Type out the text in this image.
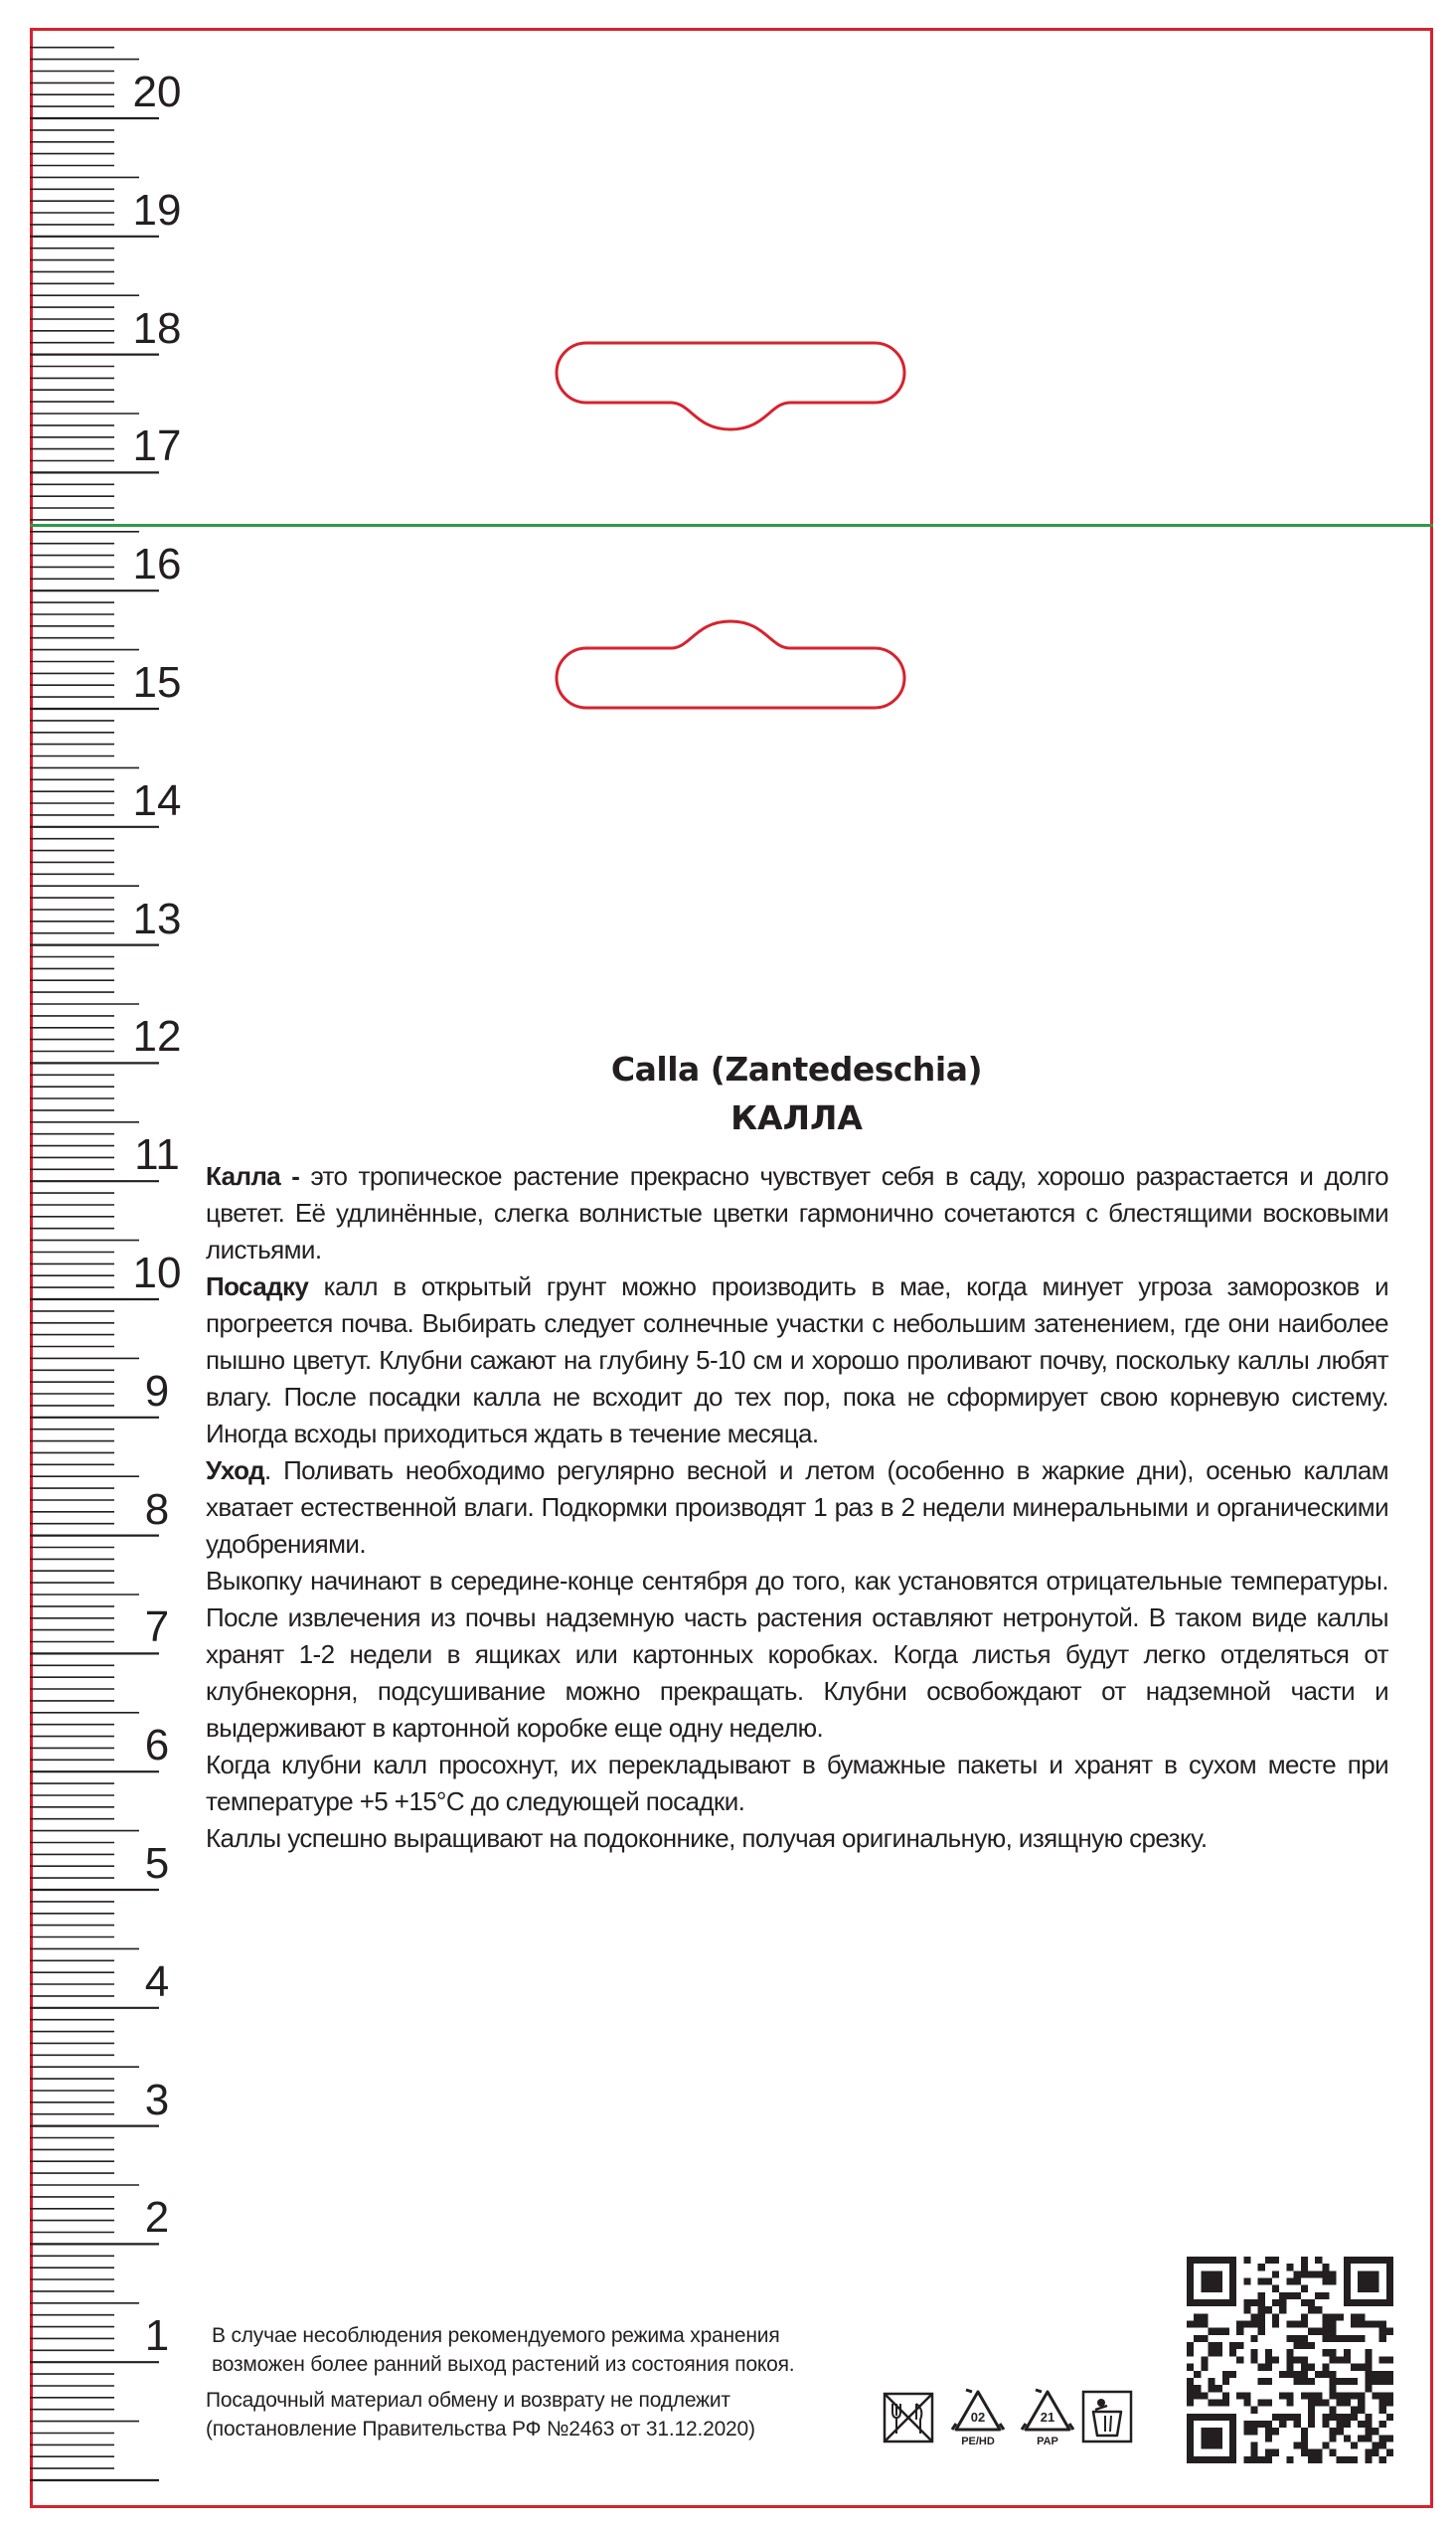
20
19
18
17
16
15
14
13
12
11
10
9
8
7
6
5
4
3
2
1
Calla (Zantedeschia)
КАЛЛА

Калла - это тропическое растение прекрасно чувствует себя в саду, хорошо разрастается и долго цветет. Её удлинённые, слегка волнистые цветки гармонично сочетаются с блестящими восковыми листьями.

Посадку калл в открытый грунт можно производить в мае, когда минует угроза заморозков и прогреется почва. Выбирать следует солнечные участки с небольшим затенением, где они наиболее пышно цветут. Клубни сажают на глубину 5-10 см и хорошо проливают почву, поскольку каллы любят влагу. После посадки калла не всходит до тех пор, пока не сформирует свою корневую систему. Иногда всходы приходиться ждать в течение месяца.

Уход. Поливать необходимо регулярно весной и летом (особенно в жаркие дни), осенью каллам хватает естественной влаги. Подкормки производят 1 раз в 2 недели минеральными и органическими удобрениями.

Выкопку начинают в середине-конце сентября до того, как установятся отрицательные температуры. После извлечения из почвы надземную часть растения оставляют нетронутой. В таком виде каллы хранят 1-2 недели в ящиках или картонных коробках. Когда листья будут легко отделяться от клубнекорня, подсушивание можно прекращать. Клубни освобождают от надземной части и выдерживают в картонной коробке еще одну неделю.

Когда клубни калл просохнут, их перекладывают в бумажные пакеты и хранят в сухом месте при температуре +5 +15°С до следующей посадки.

Каллы успешно выращивают на подоконнике, получая оригинальную, изящную срезку.

В случае несоблюдения рекомендуемого режима хранения
возможен более ранний выход растений из состояния покоя.
Посадочный материал обмену и возврату не подлежит
(постановление Правительства РФ №2463 от 31.12.2020)
02
PE/HD
21
PAP
